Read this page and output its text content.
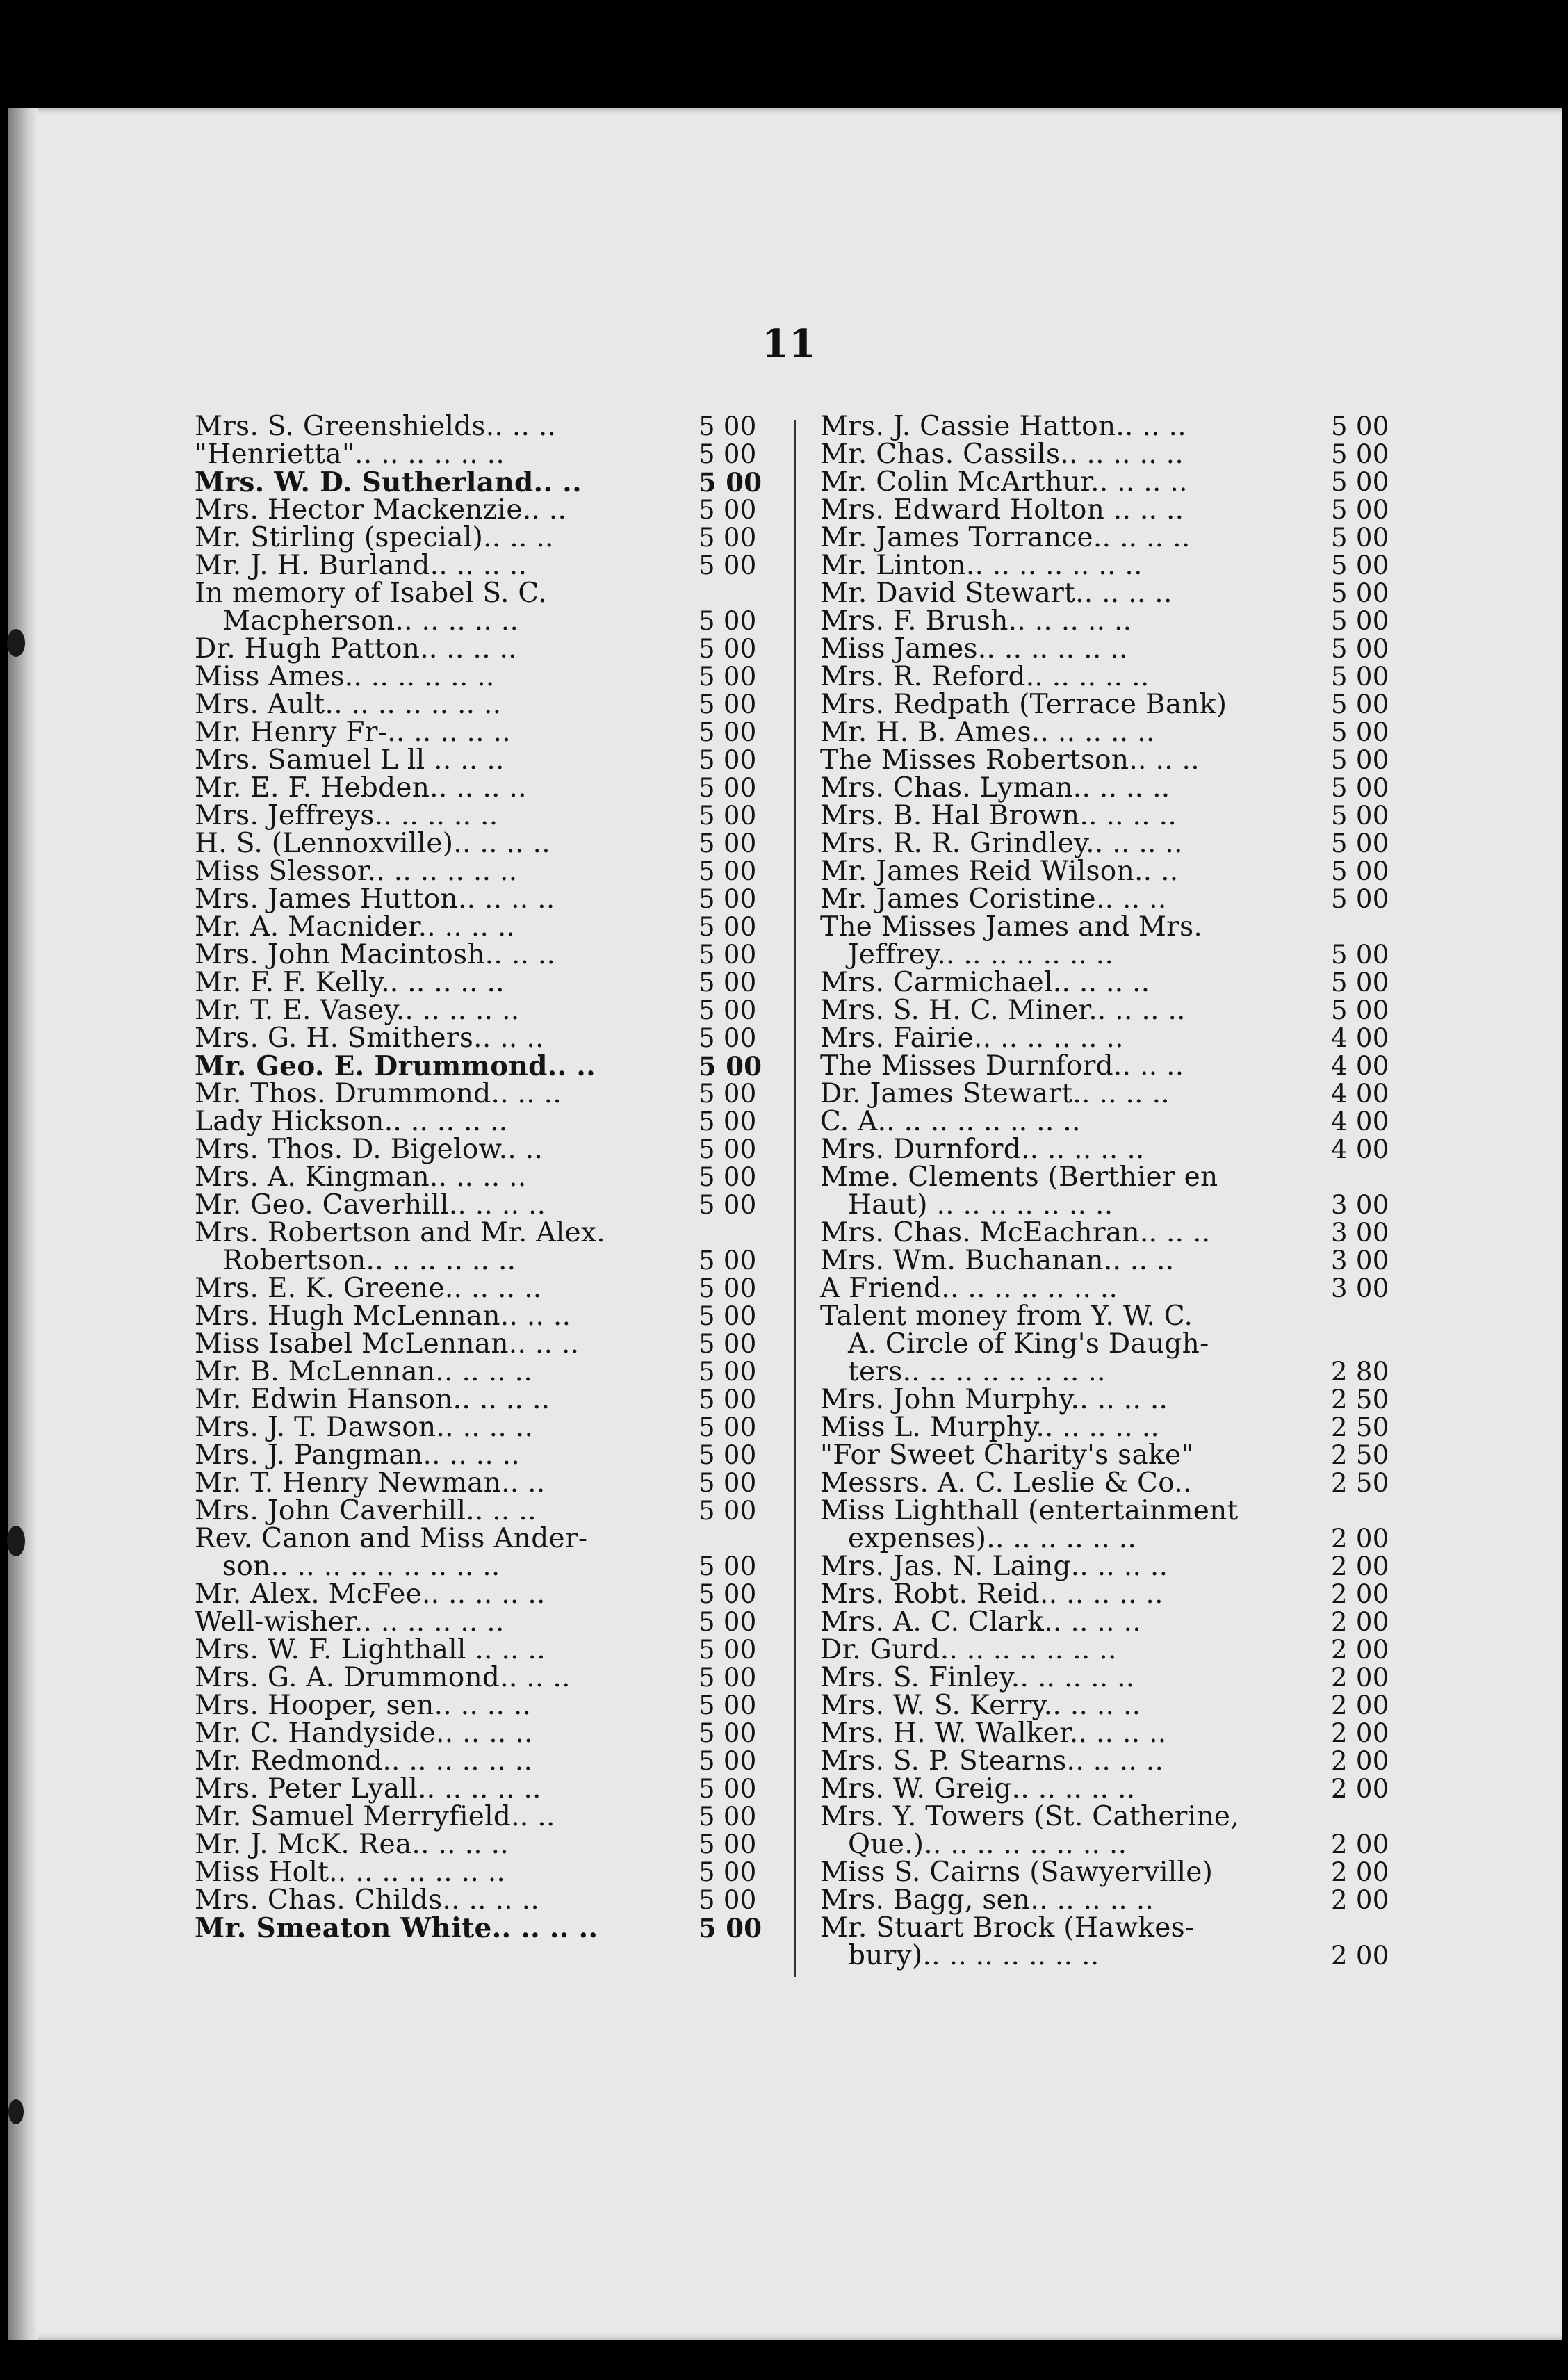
11
Mrs. S. Greenshields.. .. ..	5 00
"Henrietta".. .. .. .. .. ..	5 00
Mrs. W. D. Sutherland.. ..	5 00
Mrs. Hector Mackenzie.. ..	5 00
Mr. Stirling (special).. .. ..	5 00
Mr. J. H. Burland.. .. .. ..	5 00
In memory of Isabel S. C.
Macpherson.. .. .. .. ..	5 00
Dr. Hugh Patton.. .. .. ..	5 00
Miss Ames.. .. .. .. .. ..	5 00
Mrs. Ault.. .. .. .. .. .. ..	5 00
Mr. Henry Fr-.. .. .. .. ..	5 00
Mrs. Samuel L ll .. .. ..	5 00
Mr. E. F. Hebden.. .. .. ..	5 00
Mrs. Jeffreys.. .. .. .. ..	5 00
H. S. (Lennoxville).. .. .. ..	5 00
Miss Slessor.. .. .. .. .. ..	5 00
Mrs. James Hutton.. .. .. ..	5 00
Mr. A. Macnider.. .. .. ..	5 00
Mrs. John Macintosh.. .. ..	5 00
Mr. F. F. Kelly.. .. .. .. ..	5 00
Mr. T. E. Vasey.. .. .. .. ..	5 00
Mrs. G. H. Smithers.. .. ..	5 00
Mr. Geo. E. Drummond.. ..	5 00
Mr. Thos. Drummond.. .. ..	5 00
Lady Hickson.. .. .. .. ..	5 00
Mrs. Thos. D. Bigelow.. ..	5 00
Mrs. A. Kingman.. .. .. ..	5 00
Mr. Geo. Caverhill.. .. .. ..	5 00
Mrs. Robertson and Mr. Alex.
Robertson.. .. .. .. .. ..	5 00
Mrs. E. K. Greene.. .. .. ..	5 00
Mrs. Hugh McLennan.. .. ..	5 00
Miss Isabel McLennan.. .. ..	5 00
Mr. B. McLennan.. .. .. ..	5 00
Mr. Edwin Hanson.. .. .. ..	5 00
Mrs. J. T. Dawson.. .. .. ..	5 00
Mrs. J. Pangman.. .. .. ..	5 00
Mr. T. Henry Newman.. ..	5 00
Mrs. John Caverhill.. .. ..	5 00
Rev. Canon and Miss Ander-
son.. .. .. .. .. .. .. .. ..	5 00
Mr. Alex. McFee.. .. .. .. ..	5 00
Well-wisher.. .. .. .. .. ..	5 00
Mrs. W. F. Lighthall .. .. ..	5 00
Mrs. G. A. Drummond.. .. ..	5 00
Mrs. Hooper, sen.. .. .. ..	5 00
Mr. C. Handyside.. .. .. ..	5 00
Mr. Redmond.. .. .. .. .. ..	5 00
Mrs. Peter Lyall.. .. .. .. ..	5 00
Mr. Samuel Merryfield.. ..	5 00
Mr. J. McK. Rea.. .. .. ..	5 00
Miss Holt.. .. .. .. .. .. ..	5 00
Mrs. Chas. Childs.. .. .. ..	5 00
Mr. Smeaton White.. .. .. ..	5 00
Mrs. J. Cassie Hatton.. .. ..	5 00
Mr. Chas. Cassils.. .. .. .. ..	5 00
Mr. Colin McArthur.. .. .. ..	5 00
Mrs. Edward Holton .. .. ..	5 00
Mr. James Torrance.. .. .. ..	5 00
Mr. Linton.. .. .. .. .. .. ..	5 00
Mr. David Stewart.. .. .. ..	5 00
Mrs. F. Brush.. .. .. .. ..	5 00
Miss James.. .. .. .. .. ..	5 00
Mrs. R. Reford.. .. .. .. ..	5 00
Mrs. Redpath (Terrace Bank)	5 00
Mr. H. B. Ames.. .. .. .. ..	5 00
The Misses Robertson.. .. ..	5 00
Mrs. Chas. Lyman.. .. .. ..	5 00
Mrs. B. Hal Brown.. .. .. ..	5 00
Mrs. R. R. Grindley.. .. .. ..	5 00
Mr. James Reid Wilson.. ..	5 00
Mr. James Coristine.. .. ..	5 00
The Misses James and Mrs.
Jeffrey.. .. .. .. .. .. ..	5 00
Mrs. Carmichael.. .. .. ..	5 00
Mrs. S. H. C. Miner.. .. .. ..	5 00
Mrs. Fairie.. .. .. .. .. ..	4 00
The Misses Durnford.. .. ..	4 00
Dr. James Stewart.. .. .. ..	4 00
C. A.. .. .. .. .. .. .. ..	4 00
Mrs. Durnford.. .. .. .. ..	4 00
Mme. Clements (Berthier en
Haut) .. .. .. .. .. .. ..	3 00
Mrs. Chas. McEachran.. .. ..	3 00
Mrs. Wm. Buchanan.. .. ..	3 00
A Friend.. .. .. .. .. .. ..	3 00
Talent money from Y. W. C.
A. Circle of King's Daugh-
ters.. .. .. .. .. .. .. ..	2 80
Mrs. John Murphy.. .. .. ..	2 50
Miss L. Murphy.. .. .. .. ..	2 50
"For Sweet Charity's sake"	2 50
Messrs. A. C. Leslie & Co..	2 50
Miss Lighthall (entertainment
expenses).. .. .. .. .. ..	2 00
Mrs. Jas. N. Laing.. .. .. ..	2 00
Mrs. Robt. Reid.. .. .. .. ..	2 00
Mrs. A. C. Clark.. .. .. ..	2 00
Dr. Gurd.. .. .. .. .. .. ..	2 00
Mrs. S. Finley.. .. .. .. ..	2 00
Mrs. W. S. Kerry.. .. .. ..	2 00
Mrs. H. W. Walker.. .. .. ..	2 00
Mrs. S. P. Stearns.. .. .. ..	2 00
Mrs. W. Greig.. .. .. .. ..	2 00
Mrs. Y. Towers (St. Catherine,
Que.).. .. .. .. .. .. .. ..	2 00
Miss S. Cairns (Sawyerville)	2 00
Mrs. Bagg, sen.. .. .. .. ..	2 00
Mr. Stuart Brock (Hawkes-
bury).. .. .. .. .. .. ..	2 00
